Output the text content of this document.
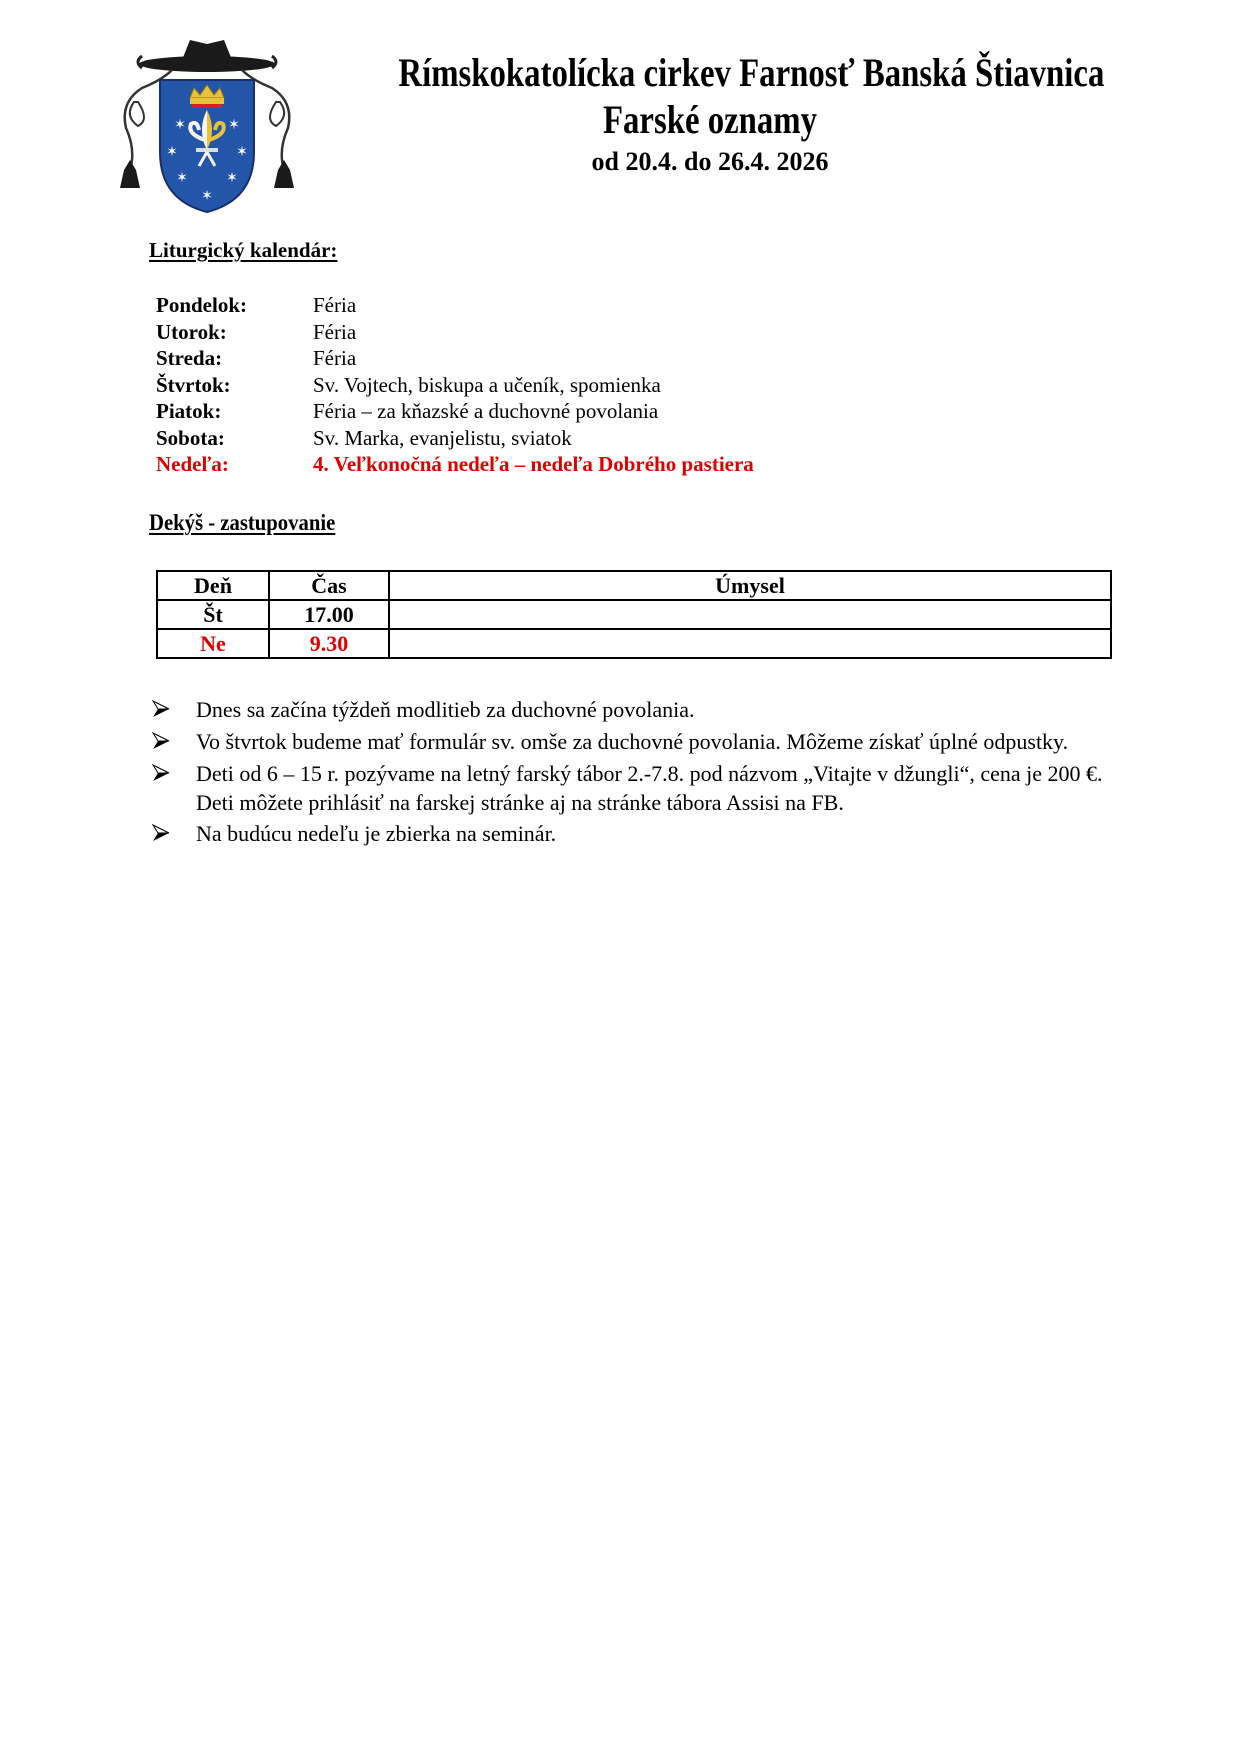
✶	✶
✶	✶
✶	✶
✶
Rímskokatolícka cirkev Farnosť Banská Štiavnica
Farské oznamy
od 20.4. do 26.4. 2026
Liturgický kalendár:
Pondelok:	Féria
Utorok:	Féria
Streda:	Féria
Štvrtok:	Sv. Vojtech, biskupa a učeník, spomienka
Piatok:	Féria – za kňazské a duchovné povolania
Sobota:	Sv. Marka, evanjelistu, sviatok
Nedeľa:	4. Veľkonočná nedeľa – nedeľa Dobrého pastiera
Dekýš - zastupovanie
Deň	Čas	Úmysel
Št	17.00	
Ne	9.30	
Dnes sa začína týždeň modlitieb za duchovné povolania.
Vo štvrtok budeme mať formulár sv. omše za duchovné povolania. Môžeme získať úplné odpustky.
Deti od 6 – 15 r. pozývame na letný farský tábor 2.-7.8. pod názvom „Vitajte v džungli“, cena je 200 €. Deti môžete prihlásiť na farskej stránke aj na stránke tábora Assisi na FB.
Na budúcu nedeľu je zbierka na seminár.
